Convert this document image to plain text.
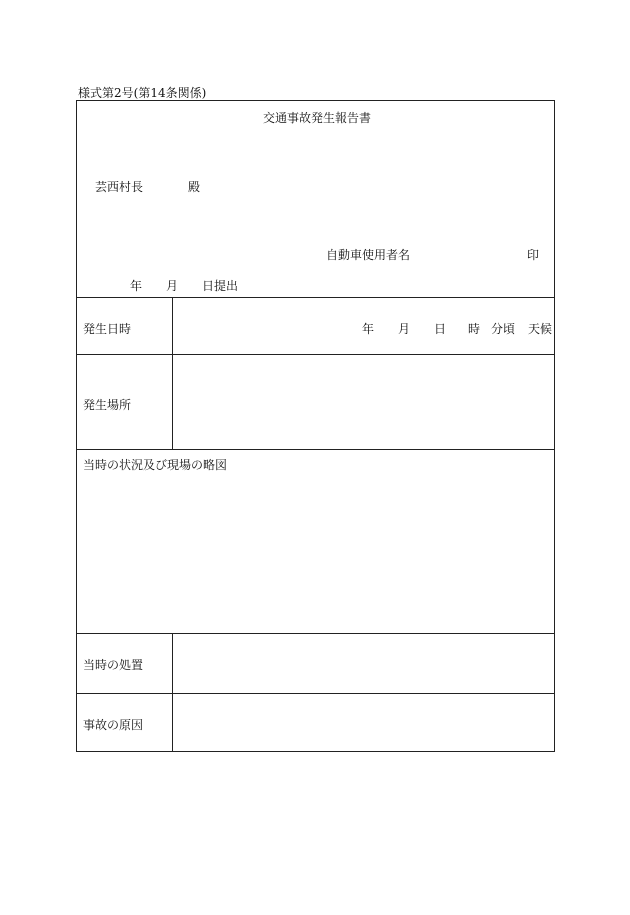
様式第2号(第14条関係)
交通事故発生報告書
芸西村長	殿
自動車使用者名	印
年 月 日提出
発生日時	年 月 日 時 分頃 天候
発生場所
当時の状況及び現場の略図
当時の処置
事故の原因
